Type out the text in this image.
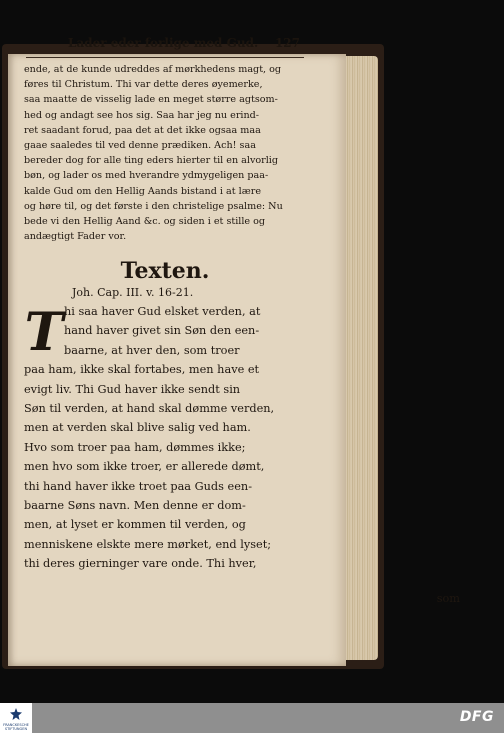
Lader eder forlige med Gud. 127
ende, at de kunde udreddes af mørkhedens magt, og
føres til Christum. Thi var dette deres øyemerke,
saa maatte de visselig lade en meget større agtsom-
hed og andagt see hos sig. Saa har jeg nu erind-
ret saadant forud, paa det at det ikke ogsaa maa
gaae saaledes til ved denne prædiken. Ach! saa
bereder dog for alle ting eders hierter til en alvorlig
bøn, og lader os med hverandre ydmygeligen paa-
kalde Gud om den Hellig Aands bistand i at lære
og høre til, og det første i den christelige psalme: Nu
bede vi den Hellig Aand &c. og siden i et stille og
andægtigt Fader vor.
Texten.
Joh. Cap. III. v. 16-21.
T hi saa haver Gud elsket verden, at
hand haver givet sin Søn den een-
baarne, at hver den, som troer
paa ham, ikke skal fortabes, men have et
evigt liv. Thi Gud haver ikke sendt sin
Søn til verden, at hand skal dømme verden,
men at verden skal blive salig ved ham.
Hvo som troer paa ham, dømmes ikke;
men hvo som ikke troer, er allerede dømt,
thi hand haver ikke troet paa Guds een-
baarne Søns navn. Men denne er dom-
men, at lyset er kommen til verden, og
menniskene elskte mere mørket, end lyset;
thi deres gierninger vare onde. Thi hver,
som
FRANCKESCHE STIFTUNGEN
DFG
